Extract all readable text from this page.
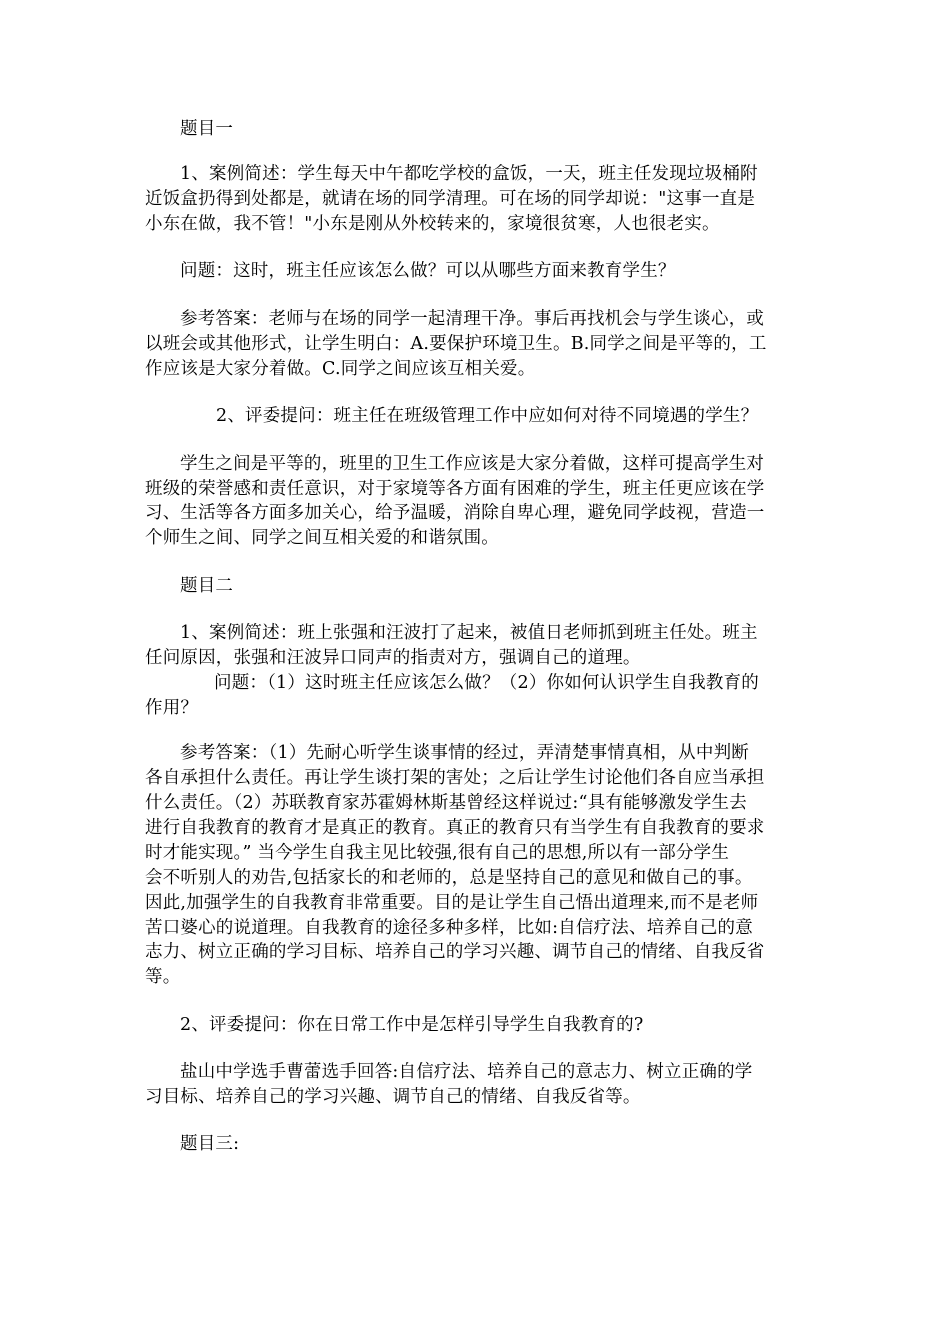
题目一

1、案例简述：学生每天中午都吃学校的盒饭，一天，班主任发现垃圾桶附

近饭盒扔得到处都是，就请在场的同学清理。可在场的同学却说："这事一直是

小东在做，我不管！"小东是刚从外校转来的，家境很贫寒，人也很老实。

问题：这时，班主任应该怎么做？可以从哪些方面来教育学生？

参考答案：老师与在场的同学一起清理干净。事后再找机会与学生谈心，或

以班会或其他形式，让学生明白：A.要保护环境卫生。B.同学之间是平等的，工

作应该是大家分着做。C.同学之间应该互相关爱。

2、评委提问：班主任在班级管理工作中应如何对待不同境遇的学生？

学生之间是平等的，班里的卫生工作应该是大家分着做，这样可提高学生对

班级的荣誉感和责任意识，对于家境等各方面有困难的学生，班主任更应该在学

习、生活等各方面多加关心，给予温暖，消除自卑心理，避免同学歧视，营造一

个师生之间、同学之间互相关爱的和谐氛围。

题目二

1、案例简述：班上张强和汪波打了起来，被值日老师抓到班主任处。班主

任问原因，张强和汪波异口同声的指责对方，强调自己的道理。

问题：（1）这时班主任应该怎么做？（2）你如何认识学生自我教育的

作用？

参考答案：（1）先耐心听学生谈事情的经过，弄清楚事情真相，从中判断

各自承担什么责任。再让学生谈打架的害处；之后让学生讨论他们各自应当承担

什么责任。（2）苏联教育家苏霍姆林斯基曾经这样说过:“具有能够激发学生去

进行自我教育的教育才是真正的教育。真正的教育只有当学生有自我教育的要求

时才能实现。” 当今学生自我主见比较强,很有自己的思想,所以有一部分学生

会不听别人的劝告,包括家长的和老师的，总是坚持自己的意见和做自己的事。

因此,加强学生的自我教育非常重要。目的是让学生自己悟出道理来,而不是老师

苦口婆心的说道理。自我教育的途径多种多样，比如:自信疗法、培养自己的意

志力、树立正确的学习目标、培养自己的学习兴趣、调节自己的情绪、自我反省

等。

2、评委提问：你在日常工作中是怎样引导学生自我教育的?

盐山中学选手曹蕾选手回答:自信疗法、培养自己的意志力、树立正确的学

习目标、培养自己的学习兴趣、调节自己的情绪、自我反省等。

题目三:
